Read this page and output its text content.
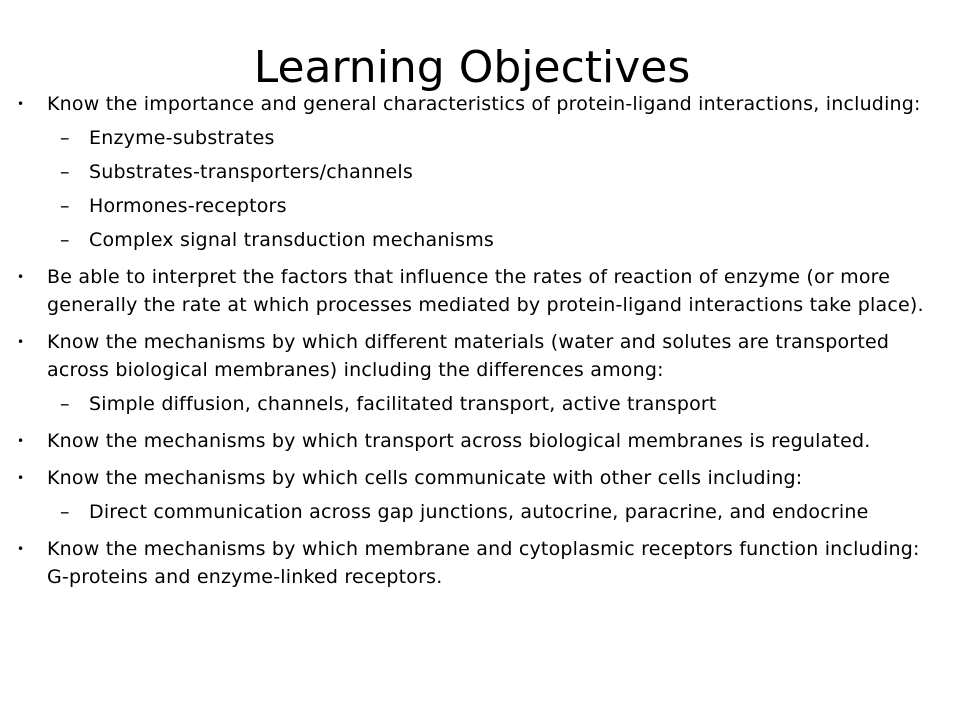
Learning Objectives
• Know the importance and general characteristics of protein-ligand interactions, including:
– Enzyme-substrates
– Substrates-transporters/channels
– Hormones-receptors
– Complex signal transduction mechanisms
• Be able to interpret the factors that influence the rates of reaction of enzyme (or more generally the rate at which processes mediated by protein-ligand interactions take place).
• Know the mechanisms by which different materials (water and solutes are transported across biological membranes) including the differences among:
– Simple diffusion, channels, facilitated transport, active transport
• Know the mechanisms by which transport across biological membranes is regulated.
• Know the mechanisms by which cells communicate with other cells including:
– Direct communication across gap junctions, autocrine, paracrine, and endocrine
• Know the mechanisms by which membrane and cytoplasmic receptors function including: G-proteins and enzyme-linked receptors.
